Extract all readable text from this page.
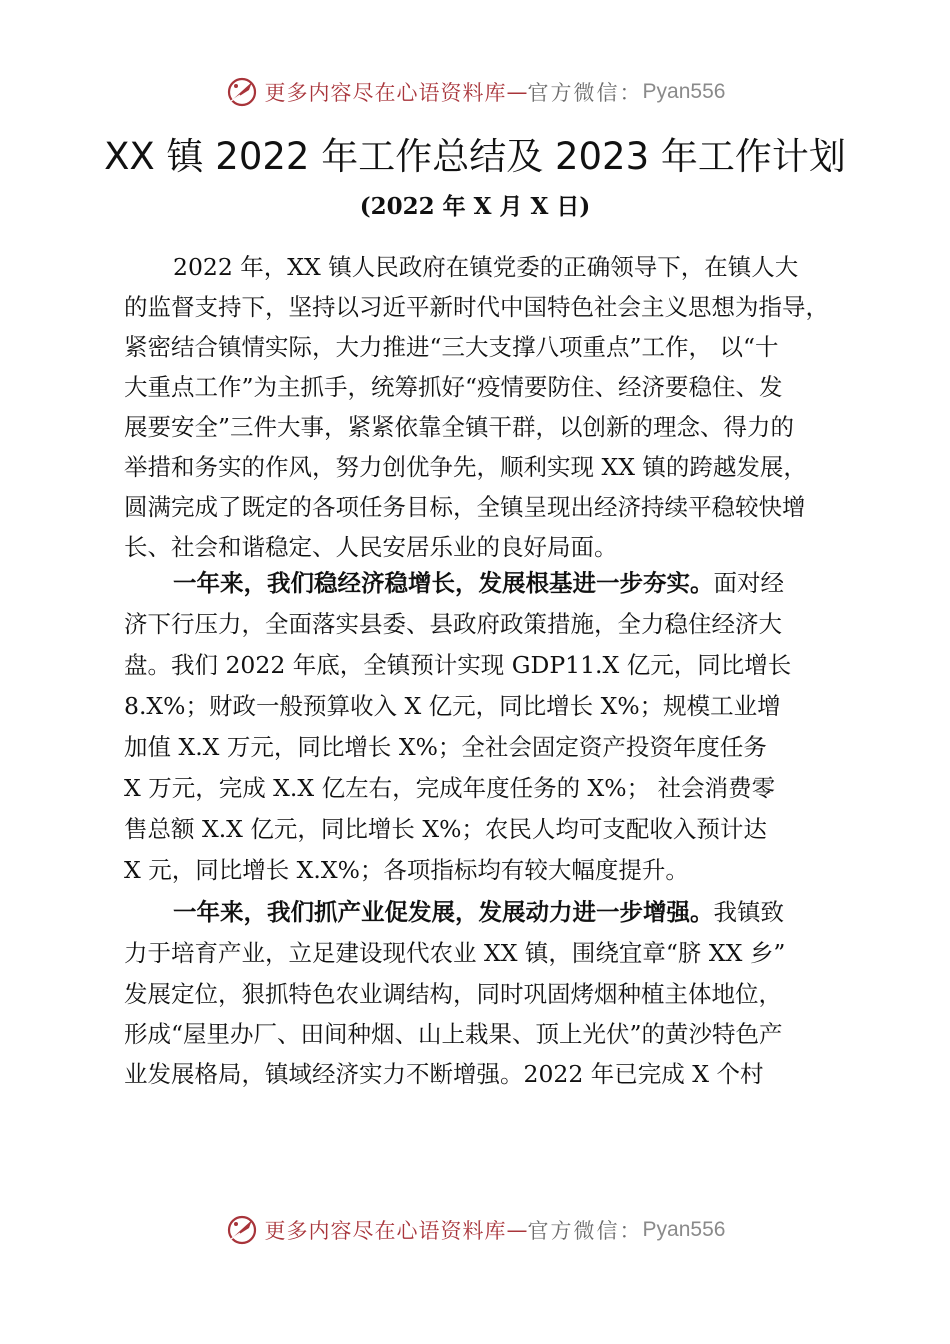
更多内容尽在心语资料库 — 官方微信： Pyan556
XX 镇 2022 年工作总结及 2023 年工作计划
(2022 年 X 月 X 日)
2022 年，XX 镇人民政府在镇党委的正确领导下，在镇人大
的监督支持下，坚持以习近平新时代中国特色社会主义思想为指导，
紧密结合镇情实际，大力推进“三大支撑八项重点”工作， 以“十
大重点工作”为主抓手，统筹抓好“疫情要防住、经济要稳住、发
展要安全”三件大事，紧紧依靠全镇干群，以创新的理念、得力的
举措和务实的作风，努力创优争先，顺利实现 XX 镇的跨越发展，
圆满完成了既定的各项任务目标，全镇呈现出经济持续平稳较快增
长、社会和谐稳定、人民安居乐业的良好局面。
一年来，我们稳经济稳增长，发展根基进一步夯实。面对经
济下行压力，全面落实县委、县政府政策措施，全力稳住经济大
盘。我们 2022 年底，全镇预计实现 GDP11.X 亿元，同比增长
8.X%；财政一般预算收入 X 亿元，同比增长 X%；规模工业增
加值 X.X 万元，同比增长 X%；全社会固定资产投资年度任务
X 万元，完成 X.X 亿左右，完成年度任务的 X%； 社会消费零
售总额 X.X 亿元，同比增长 X%；农民人均可支配收入预计达
X 元，同比增长 X.X%；各项指标均有较大幅度提升。
一年来，我们抓产业促发展，发展动力进一步增强。我镇致
力于培育产业，立足建设现代农业 XX 镇，围绕宜章“脐 XX 乡”
发展定位，狠抓特色农业调结构，同时巩固烤烟种植主体地位，
形成“屋里办厂、田间种烟、山上栽果、顶上光伏”的黄沙特色产
业发展格局，镇域经济实力不断增强。2022 年已完成 X 个村
更多内容尽在心语资料库 — 官方微信： Pyan556
